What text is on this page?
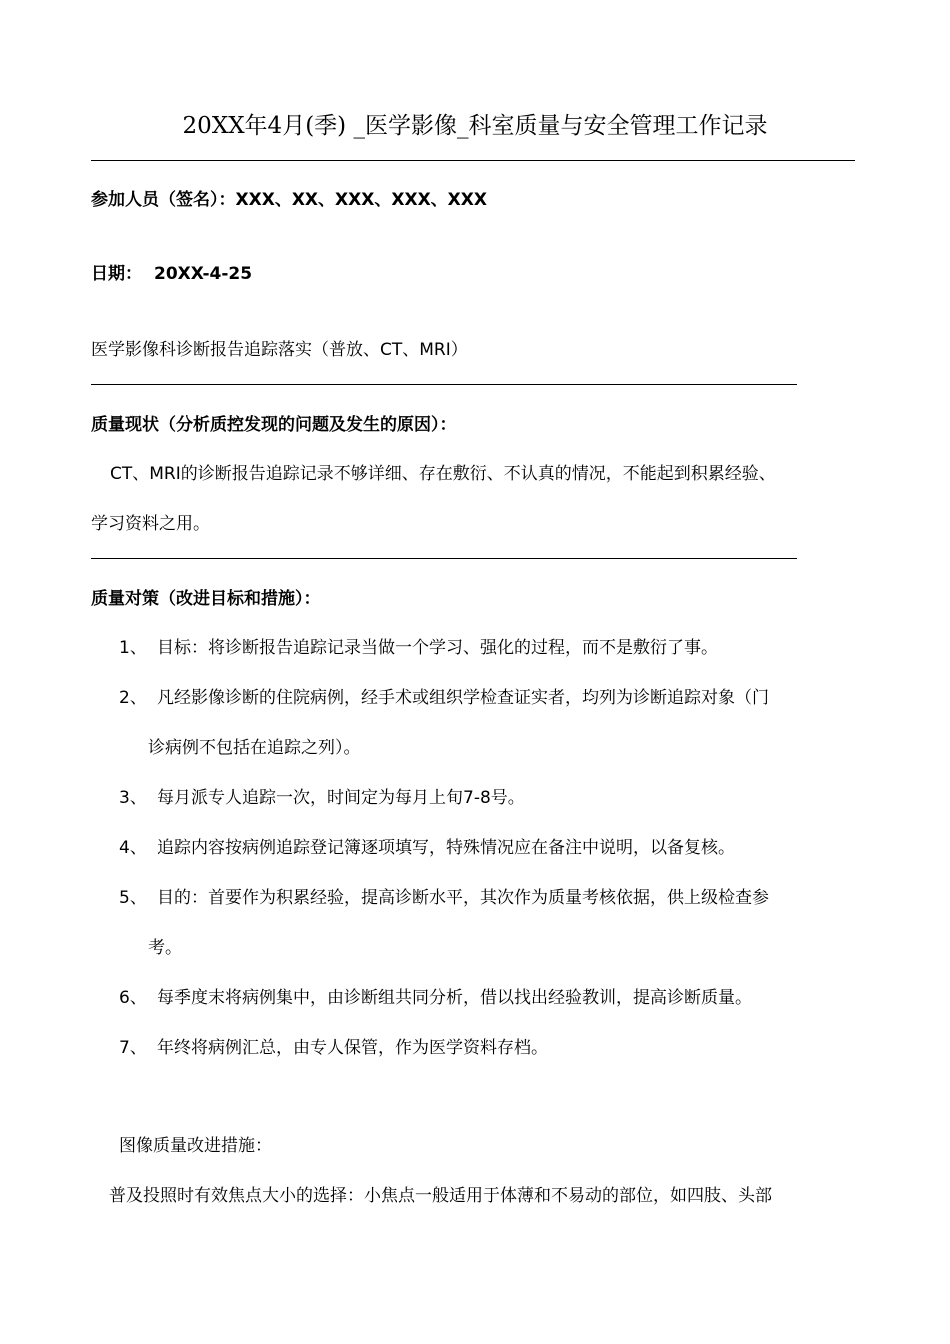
20XX年4月(季) _医学影像_科室质量与安全管理工作记录
参加人员（签名）：XXX、XX、XXX、XXX、XXX
日期： 20XX-4-25
医学影像科诊断报告追踪落实（普放、CT、MRI）
质量现状（分析质控发现的问题及发生的原因）：
CT、MRI的诊断报告追踪记录不够详细、存在敷衍、不认真的情况，不能起到积累经验、
学习资料之用。
质量对策（改进目标和措施）：
1、 目标：将诊断报告追踪记录当做一个学习、强化的过程，而不是敷衍了事。
2、 凡经影像诊断的住院病例，经手术或组织学检查证实者，均列为诊断追踪对象（门
诊病例不包括在追踪之列）。
3、 每月派专人追踪一次，时间定为每月上旬7-8号。
4、 追踪内容按病例追踪登记簿逐项填写，特殊情况应在备注中说明，以备复核。
5、 目的：首要作为积累经验，提高诊断水平，其次作为质量考核依据，供上级检查参
考。
6、 每季度末将病例集中，由诊断组共同分析，借以找出经验教训，提高诊断质量。
7、 年终将病例汇总，由专人保管，作为医学资料存档。
图像质量改进措施：
普及投照时有效焦点大小的选择：小焦点一般适用于体薄和不易动的部位，如四肢、头部
